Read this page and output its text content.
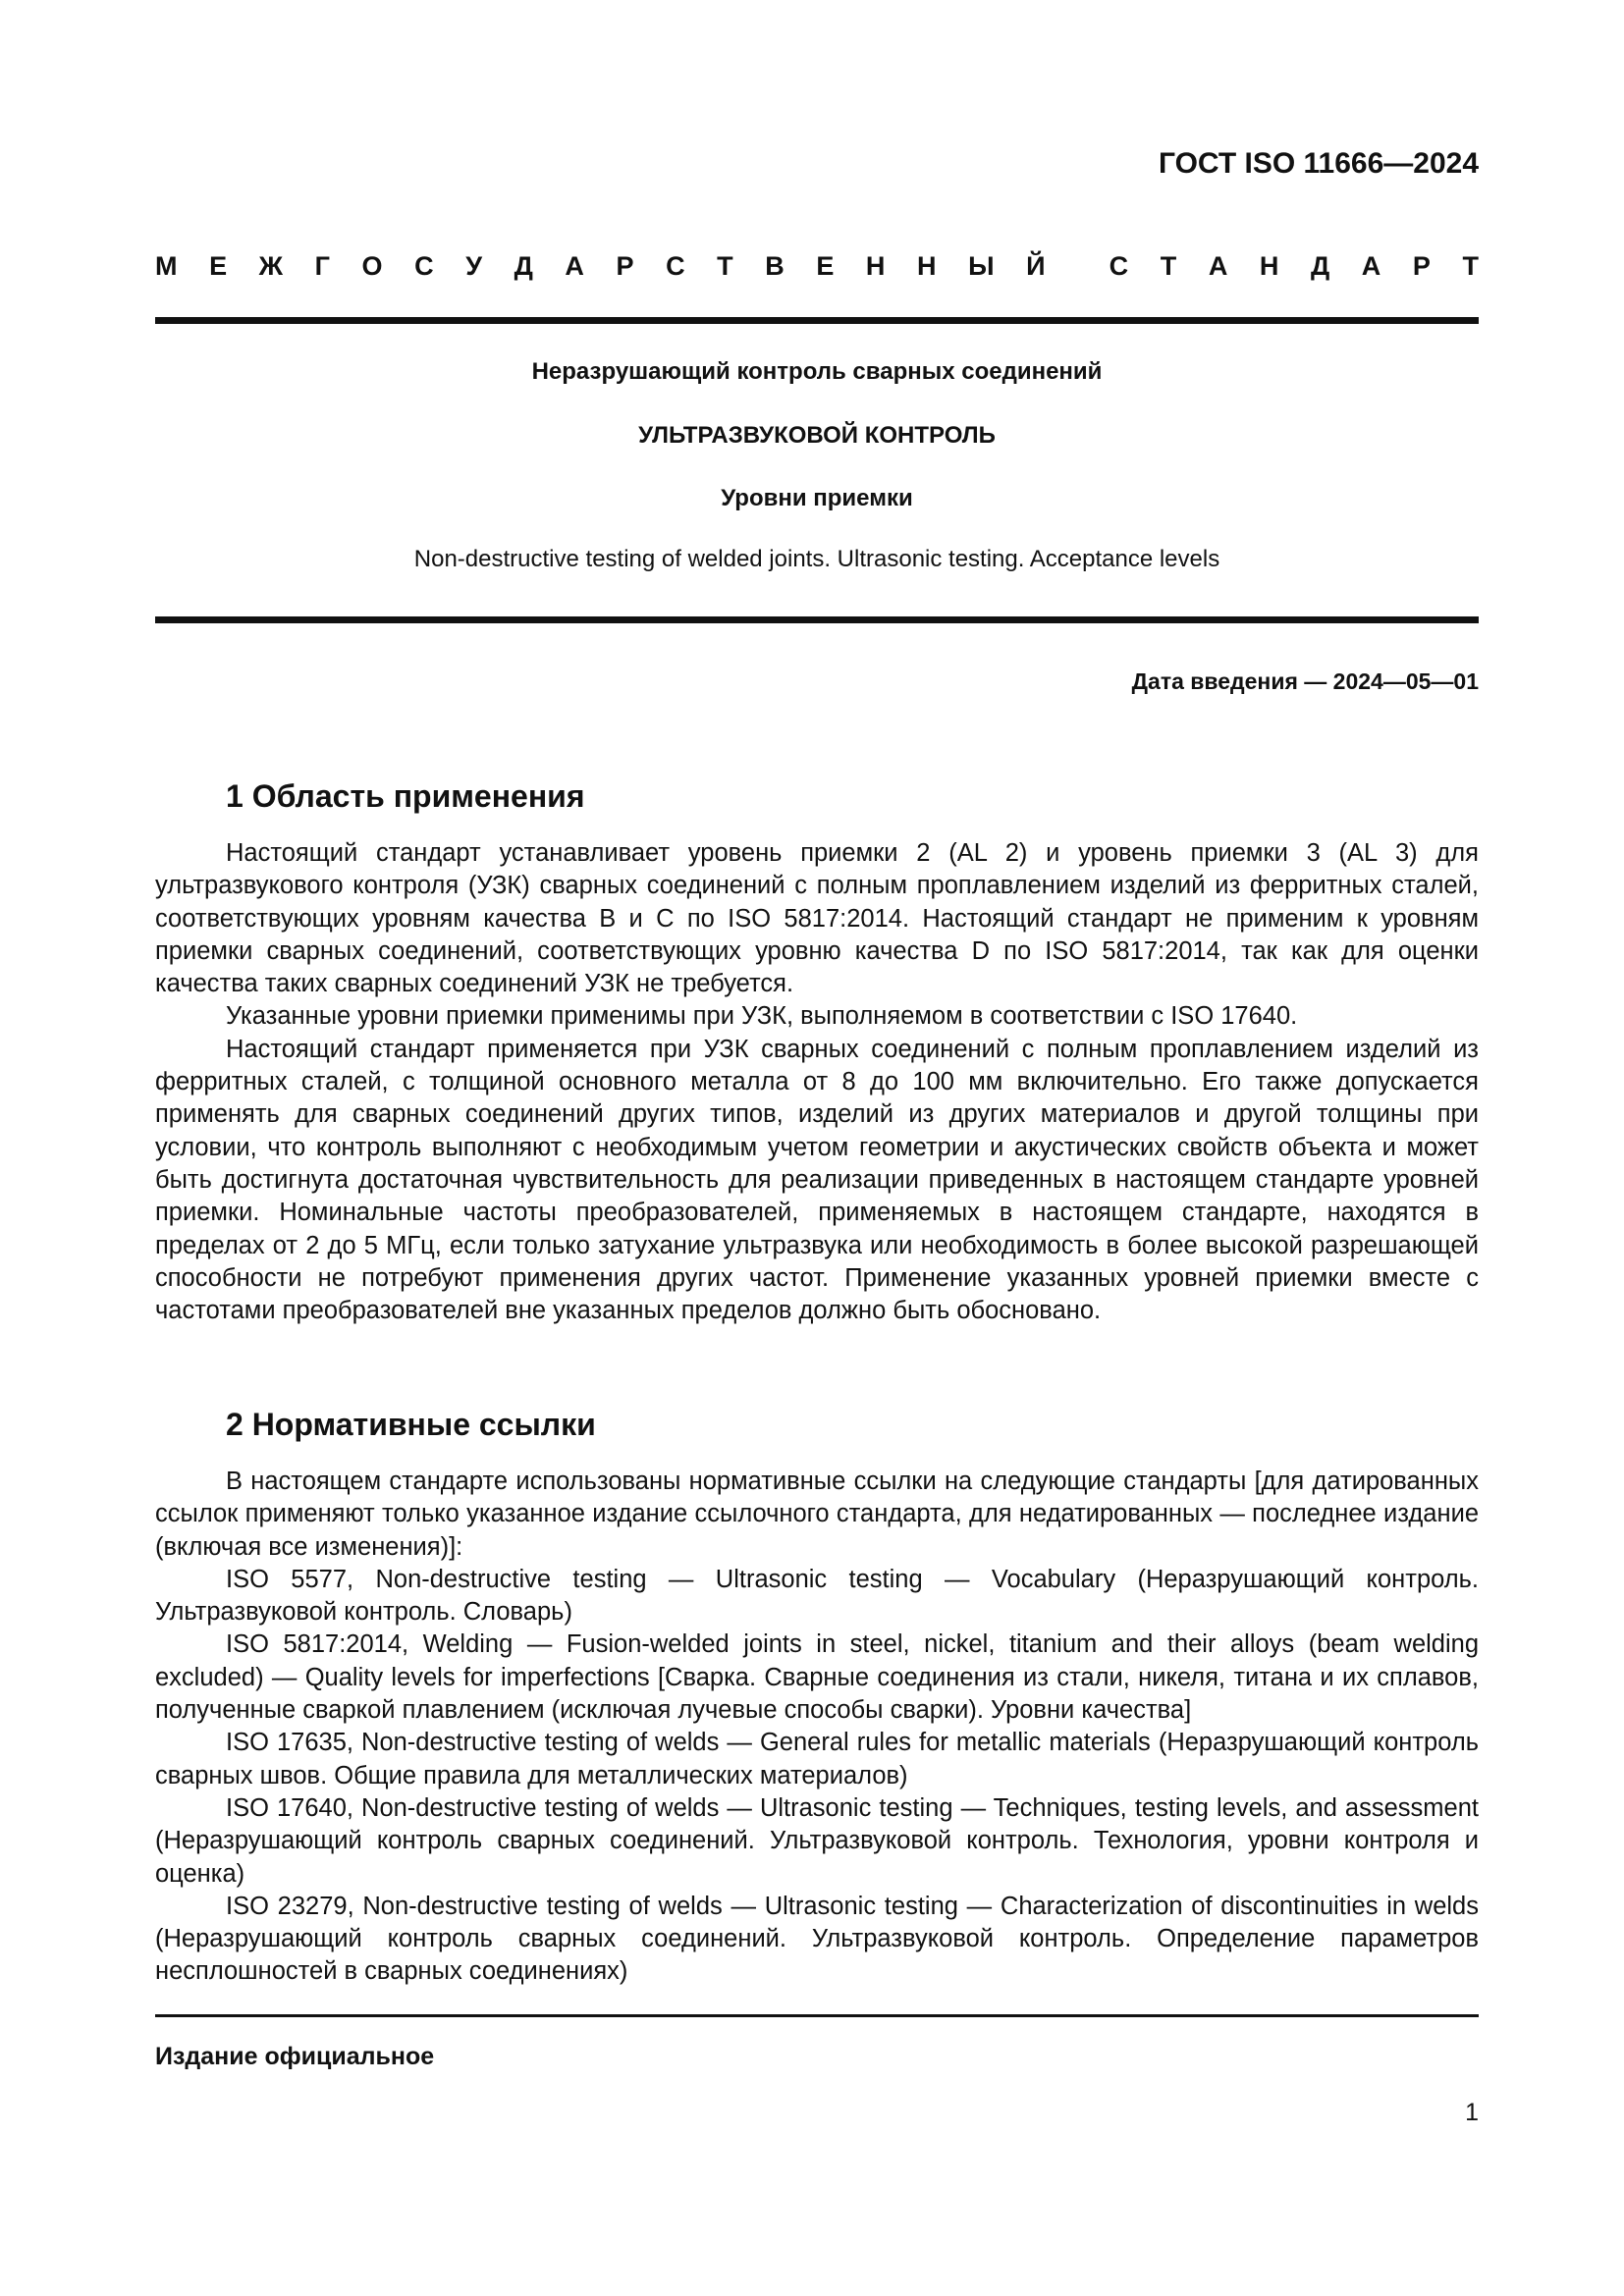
ГОСТ ISO 11666—2024
М Е Ж Г О С У Д А Р С Т В Е Н Н Ы Й С Т А Н Д А Р Т
Неразрушающий контроль сварных соединений
УЛЬТРАЗВУКОВОЙ КОНТРОЛЬ
Уровни приемки
Non-destructive testing of welded joints. Ultrasonic testing. Acceptance levels
Дата введения — 2024—05—01
1 Область применения

Настоящий стандарт устанавливает уровень приемки 2 (AL 2) и уровень приемки 3 (AL 3) для ультразвукового контроля (УЗК) сварных соединений с полным проплавлением изделий из ферритных сталей, соответствующих уровням качества В и С по ISO 5817:2014. Настоящий стандарт не применим к уровням приемки сварных соединений, соответствующих уровню качества D по ISO 5817:2014, так как для оценки качества таких сварных соединений УЗК не требуется.

Указанные уровни приемки применимы при УЗК, выполняемом в соответствии с ISO 17640.

Настоящий стандарт применяется при УЗК сварных соединений с полным проплавлением изделий из ферритных сталей, с толщиной основного металла от 8 до 100 мм включительно. Его также допускается применять для сварных соединений других типов, изделий из других материалов и другой толщины при условии, что контроль выполняют с необходимым учетом геометрии и акустических свойств объекта и может быть достигнута достаточная чувствительность для реализации приведенных в настоящем стандарте уровней приемки. Номинальные частоты преобразователей, применяемых в настоящем стандарте, находятся в пределах от 2 до 5 МГц, если только затухание ультразвука или необходимость в более высокой разрешающей способности не потребуют применения других частот. Применение указанных уровней приемки вместе с частотами преобразователей вне указанных пределов должно быть обосновано.

2 Нормативные ссылки

В настоящем стандарте использованы нормативные ссылки на следующие стандарты [для датированных ссылок применяют только указанное издание ссылочного стандарта, для недатированных — последнее издание (включая все изменения)]:

ISO 5577, Non-destructive testing — Ultrasonic testing — Vocabulary (Неразрушающий контроль. Ультразвуковой контроль. Словарь)

ISO 5817:2014, Welding — Fusion-welded joints in steel, nickel, titanium and their alloys (beam welding excluded) — Quality levels for imperfections [Сварка. Сварные соединения из стали, никеля, титана и их сплавов, полученные сваркой плавлением (исключая лучевые способы сварки). Уровни качества]

ISO 17635, Non-destructive testing of welds — General rules for metallic materials (Неразрушающий контроль сварных швов. Общие правила для металлических материалов)

ISO 17640, Non-destructive testing of welds — Ultrasonic testing — Techniques, testing levels, and assessment (Неразрушающий контроль сварных соединений. Ультразвуковой контроль. Технология, уровни контроля и оценка)

ISO 23279, Non-destructive testing of welds — Ultrasonic testing — Characterization of discontinuities in welds (Неразрушающий контроль сварных соединений. Ультразвуковой контроль. Определение параметров несплошностей в сварных соединениях)

Издание официальное
1
